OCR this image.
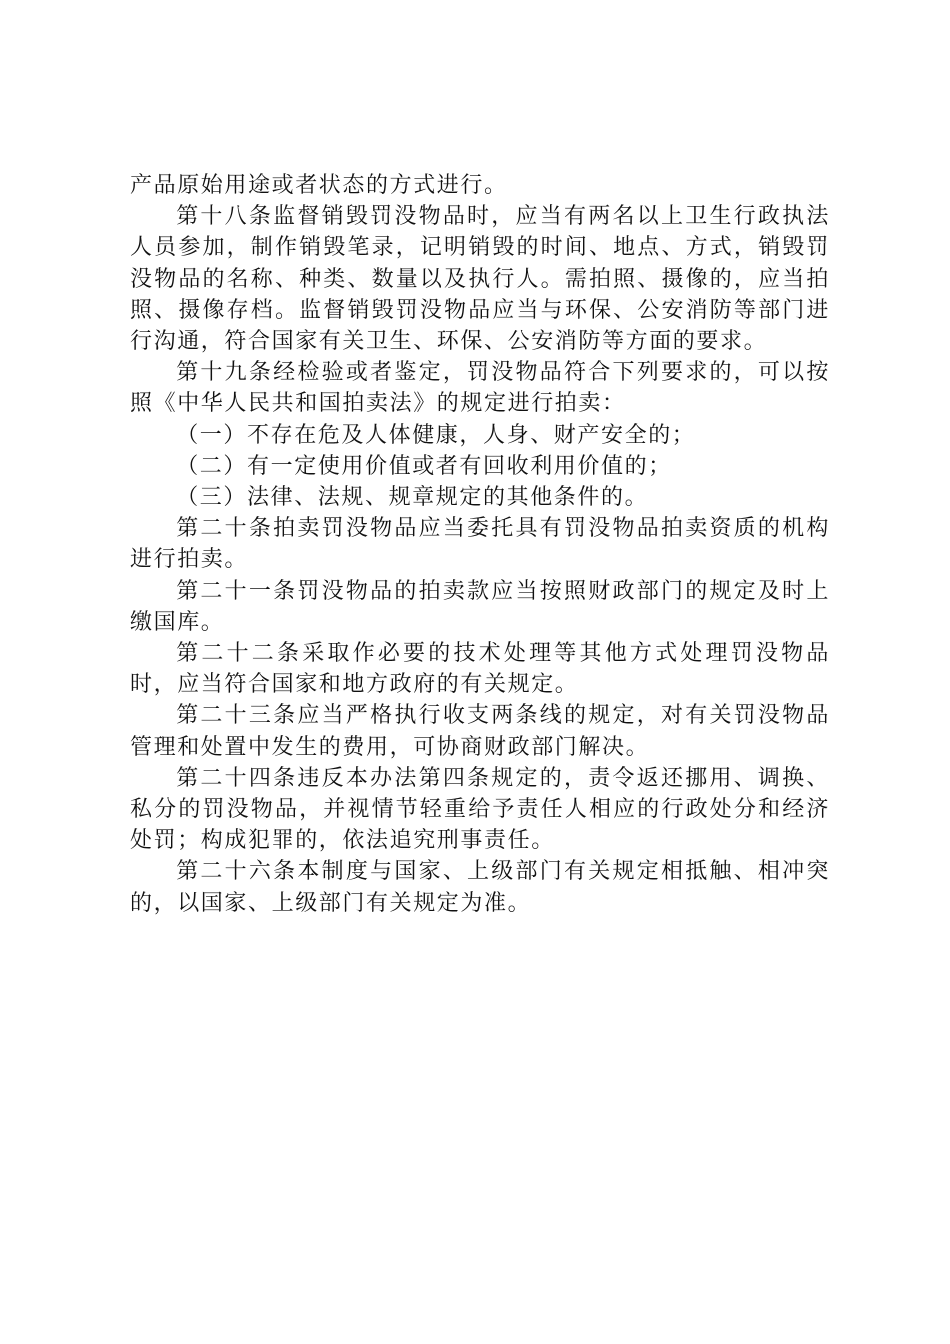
产品原始用途或者状态的方式进行。

第十八条监督销毁罚没物品时，应当有两名以上卫生行政执法人员参加，制作销毁笔录，记明销毁的时间、地点、方式，销毁罚没物品的名称、种类、数量以及执行人。需拍照、摄像的，应当拍照、摄像存档。监督销毁罚没物品应当与环保、公安消防等部门进行沟通，符合国家有关卫生、环保、公安消防等方面的要求。

第十九条经检验或者鉴定，罚没物品符合下列要求的，可以按照《中华人民共和国拍卖法》的规定进行拍卖：

（一）不存在危及人体健康，人身、财产安全的；

（二）有一定使用价值或者有回收利用价值的；

（三）法律、法规、规章规定的其他条件的。

第二十条拍卖罚没物品应当委托具有罚没物品拍卖资质的机构进行拍卖。

第二十一条罚没物品的拍卖款应当按照财政部门的规定及时上缴国库。

第二十二条采取作必要的技术处理等其他方式处理罚没物品时，应当符合国家和地方政府的有关规定。

第二十三条应当严格执行收支两条线的规定，对有关罚没物品管理和处置中发生的费用，可协商财政部门解决。

第二十四条违反本办法第四条规定的，责令返还挪用、调换、私分的罚没物品，并视情节轻重给予责任人相应的行政处分和经济处罚；构成犯罪的，依法追究刑事责任。

第二十六条本制度与国家、上级部门有关规定相抵触、相冲突的，以国家、上级部门有关规定为准。
